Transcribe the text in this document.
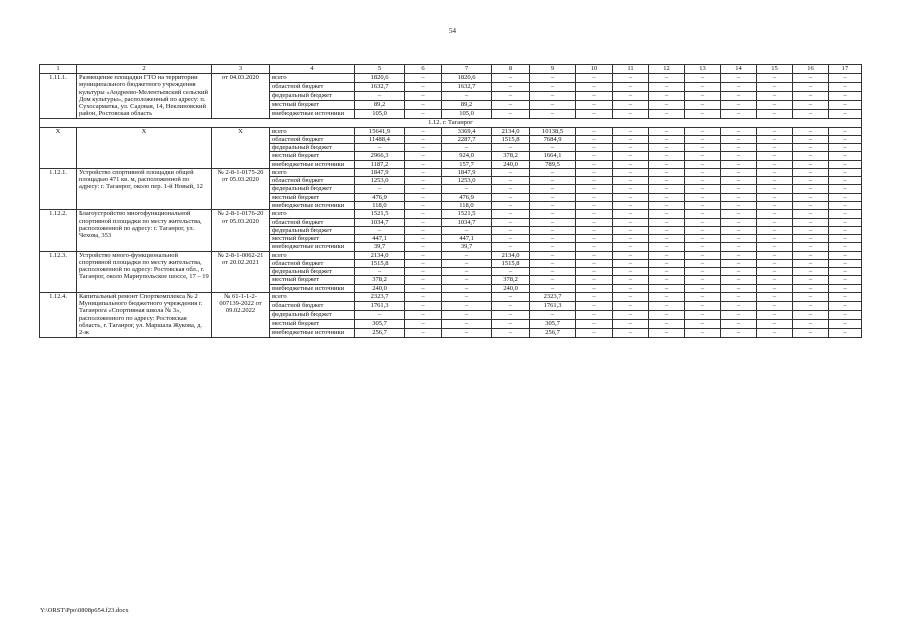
54
1	2	3	4	5	6	7	8	9	10	11	12	13	14	15	16	17
1.11.1.	Размещение площадки ГТО на территории муниципального бюджетного учреждения культуры «Андреево-Мелентьевский сельский Дом культуры», расположенный по адресу: п. Сухосарматка, ул. Садовая, 14, Неклиновский район, Ростовская область	от 04.03.2020	всего	1820,6	–	1820,6	–	–	–	–	–	–	–	–	–	–
			областной бюджет	1632,7	–	1632,7	–	–	–	–	–	–	–	–	–	–
			федеральный бюджет	–	–	–	–	–	–	–	–	–	–	–	–	–
			местный бюджет	89,2	–	89,2	–	–	–	–	–	–	–	–	–	–
			внебюджетные источники	105,0	–	105,0	–	–	–	–	–	–	–	–	–	–
1.12. г. Таганрог																
Х	Х	Х	всего	15641,9	–	3369,4	2134,0	10138,5	–	–	–	–	–	–	–	–
			областной бюджет	11488,4	–	2287,7	1515,8	7684,9	–	–	–	–	–	–	–	–
			федеральный бюджет	–	–	–	–	–	–	–	–	–	–	–	–	–
			местный бюджет	2966,3	–	924,0	378,2	1664,1	–	–	–	–	–	–	–	–
			внебюджетные источники	1187,2	–	157,7	240,0	789,5	–	–	–	–	–	–	–	–
1.12.1.	Устройство спортивной площадки общей площадью 471 кв. м, расположенной по адресу: г. Таганрог, около пер. 1-й Новый, 12	№ 2-8-1-0175-20 от 05.03.2020	всего	1847,9	–	1847,9	–	–	–	–	–	–	–	–	–	–
			областной бюджет	1253,0	–	1253,0	–	–	–	–	–	–	–	–	–	–
			федеральный бюджет	–	–	–	–	–	–	–	–	–	–	–	–	–
			местный бюджет	476,9	–	476,9	–	–	–	–	–	–	–	–	–	–
			внебюджетные источники	118,0	–	118,0	–	–	–	–	–	–	–	–	–	–
1.12.2.	Благоустройство многофункциональной спортивной площадки по месту жительства, расположенной по адресу: г. Таганрог, ул. Чехова, 353	№ 2-8-1-0176-20 от 05.03.2020	всего	1521,5	–	1521,5	–	–	–	–	–	–	–	–	–	–
			областной бюджет	1034,7	–	1034,7	–	–	–	–	–	–	–	–	–	–
			федеральный бюджет	–	–	–	–	–	–	–	–	–	–	–	–	–
			местный бюджет	447,1	–	447,1	–	–	–	–	–	–	–	–	–	–
			внебюджетные источники	39,7	–	39,7	–	–	–	–	–	–	–	–	–	–
1.12.3.	Устройство много-функциональной спортивной площадки по месту жительства, расположенной по адресу: Ростовская обл., г. Таганрог, около Мариупольское шоссе, 17 – 19	№ 2-8-1-0062-21 от 20.02.2021	всего	2134,0	–	–	2134,0	–	–	–	–	–	–	–	–	–
			областной бюджет	1515,8	–	–	1515,8	–	–	–	–	–	–	–	–	–
			федеральный бюджет	–	–	–	–	–	–	–	–	–	–	–	–	–
			местный бюджет	378,2	–	–	378,2	–	–	–	–	–	–	–	–	–
			внебюджетные источники	240,0	–	–	240,0	–	–	–	–	–	–	–	–	–
1.12.4.	Капитальный ремонт Спорткомплекса № 2 Муниципального бюджетного учреждения г. Таганрога «Спортивная школа № 3», расположенного по адресу: Ростовская область, г. Таганрог, ул. Маршала Жукова, д. 2-ж	№ 61-1-1-2-007139-2022 от 09.02.2022	всего	2323,7	–	–	–	2323,7	–	–	–	–	–	–	–	–
			областной бюджет	1761,3	–	–	–	1761,3	–	–	–	–	–	–	–	–
			федеральный бюджет	–	–	–	–	–	–	–	–	–	–	–	–	–
			местный бюджет	305,7	–	–	–	305,7	–	–	–	–	–	–	–	–
			внебюджетные источники	256,7	–	–	–	256,7	–	–	–	–	–	–	–	–
Y:\ORST\Ppo\0808p654.f23.docx
